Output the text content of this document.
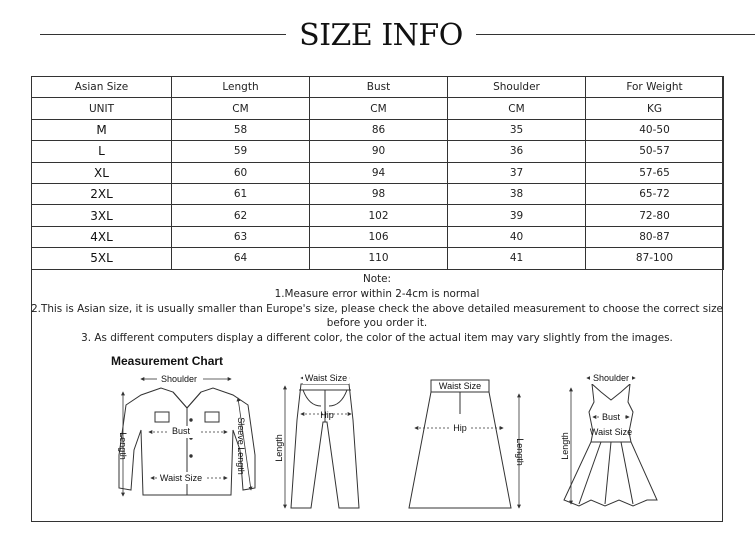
SIZE INFO
Asian Size	Length	Bust	Shoulder	For Weight
UNIT	CM	CM	CM	KG
M	58	86	35	40-50
L	59	90	36	50-57
XL	60	94	37	57-65
2XL	61	98	38	65-72
3XL	62	102	39	72-80
4XL	63	106	40	80-87
5XL	64	110	41	87-100
Note:
1.Measure error within 2-4cm is normal
2.This is Asian size, it is usually smaller than Europe's size, please check the above detailed measurement to choose the correct size
before you order it.
3. As different computers display a different color, the color of the actual item may vary slightly from the images.
Measurement Chart
Shoulder
Bust
Waist Size
Length	Sleeve Length
Waist Size
Hip
Length
Waist Size
Hip
Length
Shoulder
Bust
Waist Size
Length
